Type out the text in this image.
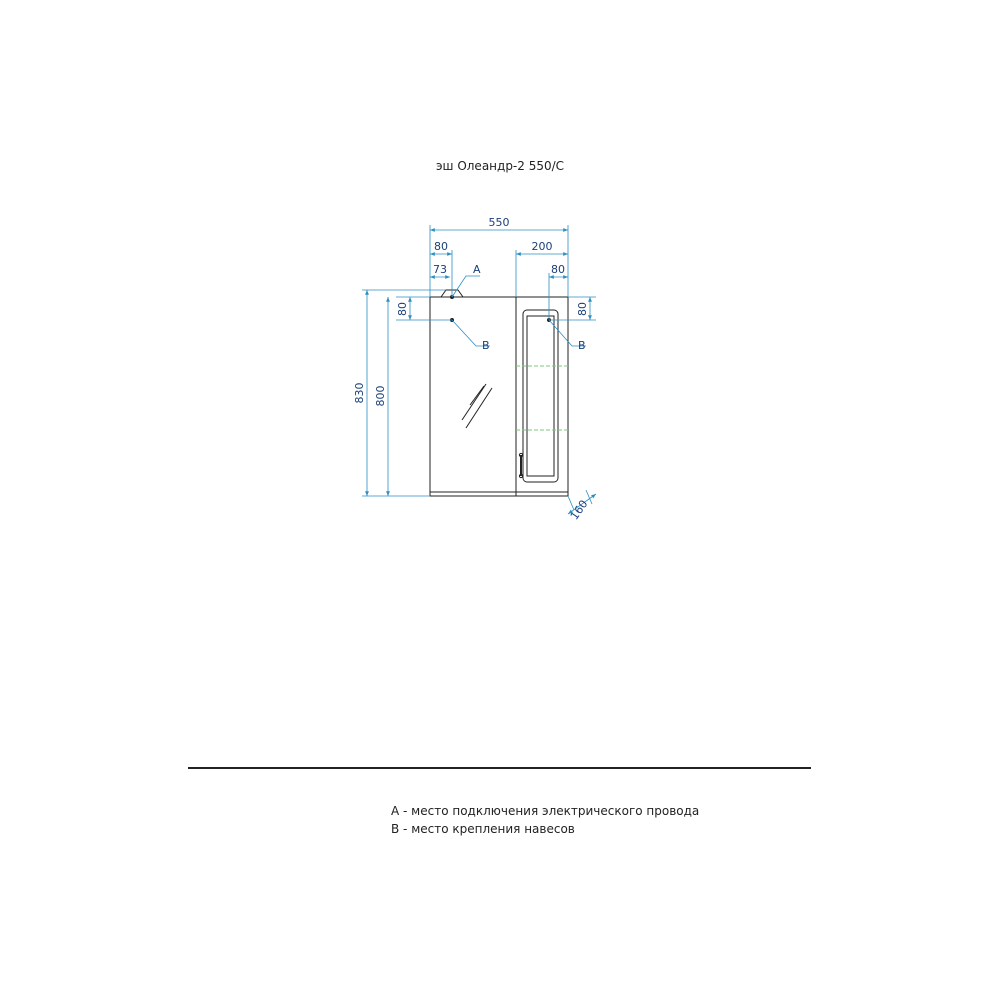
эш Олеандр-2 550/С
550
80
73
200
80
80	80
830 800
160
A
B	B
A - место подключения электрического провода
B - место крепления навесов
